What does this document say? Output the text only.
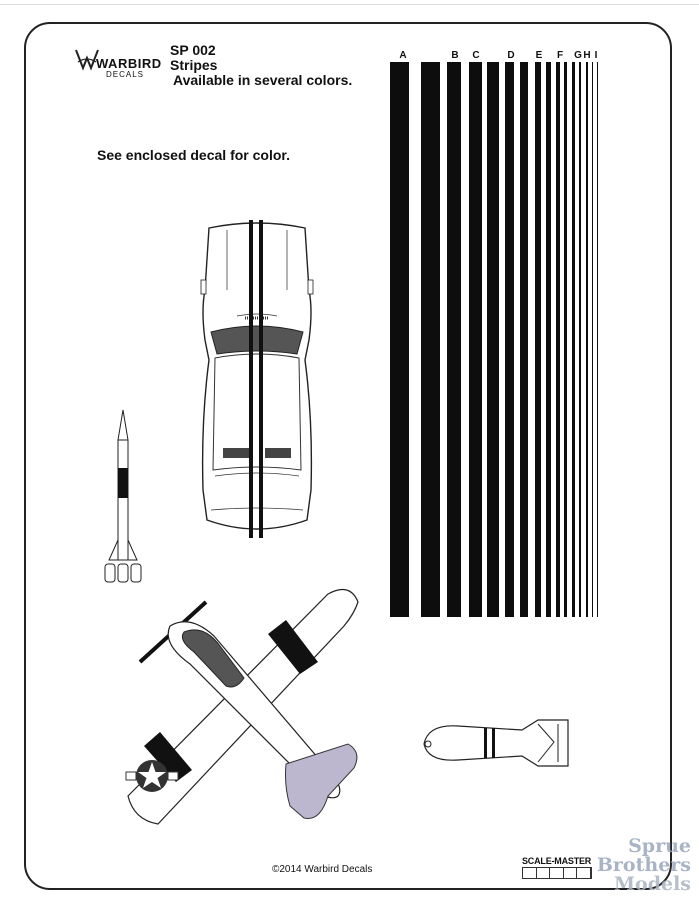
WARBIRD
DECALS
SP 002
Stripes
Available in several colors.
See enclosed decal for color.
A	B C	D E F G H I
©2014 Warbird Decals
SCALE-MASTER
Sprue
Brothers
Models
